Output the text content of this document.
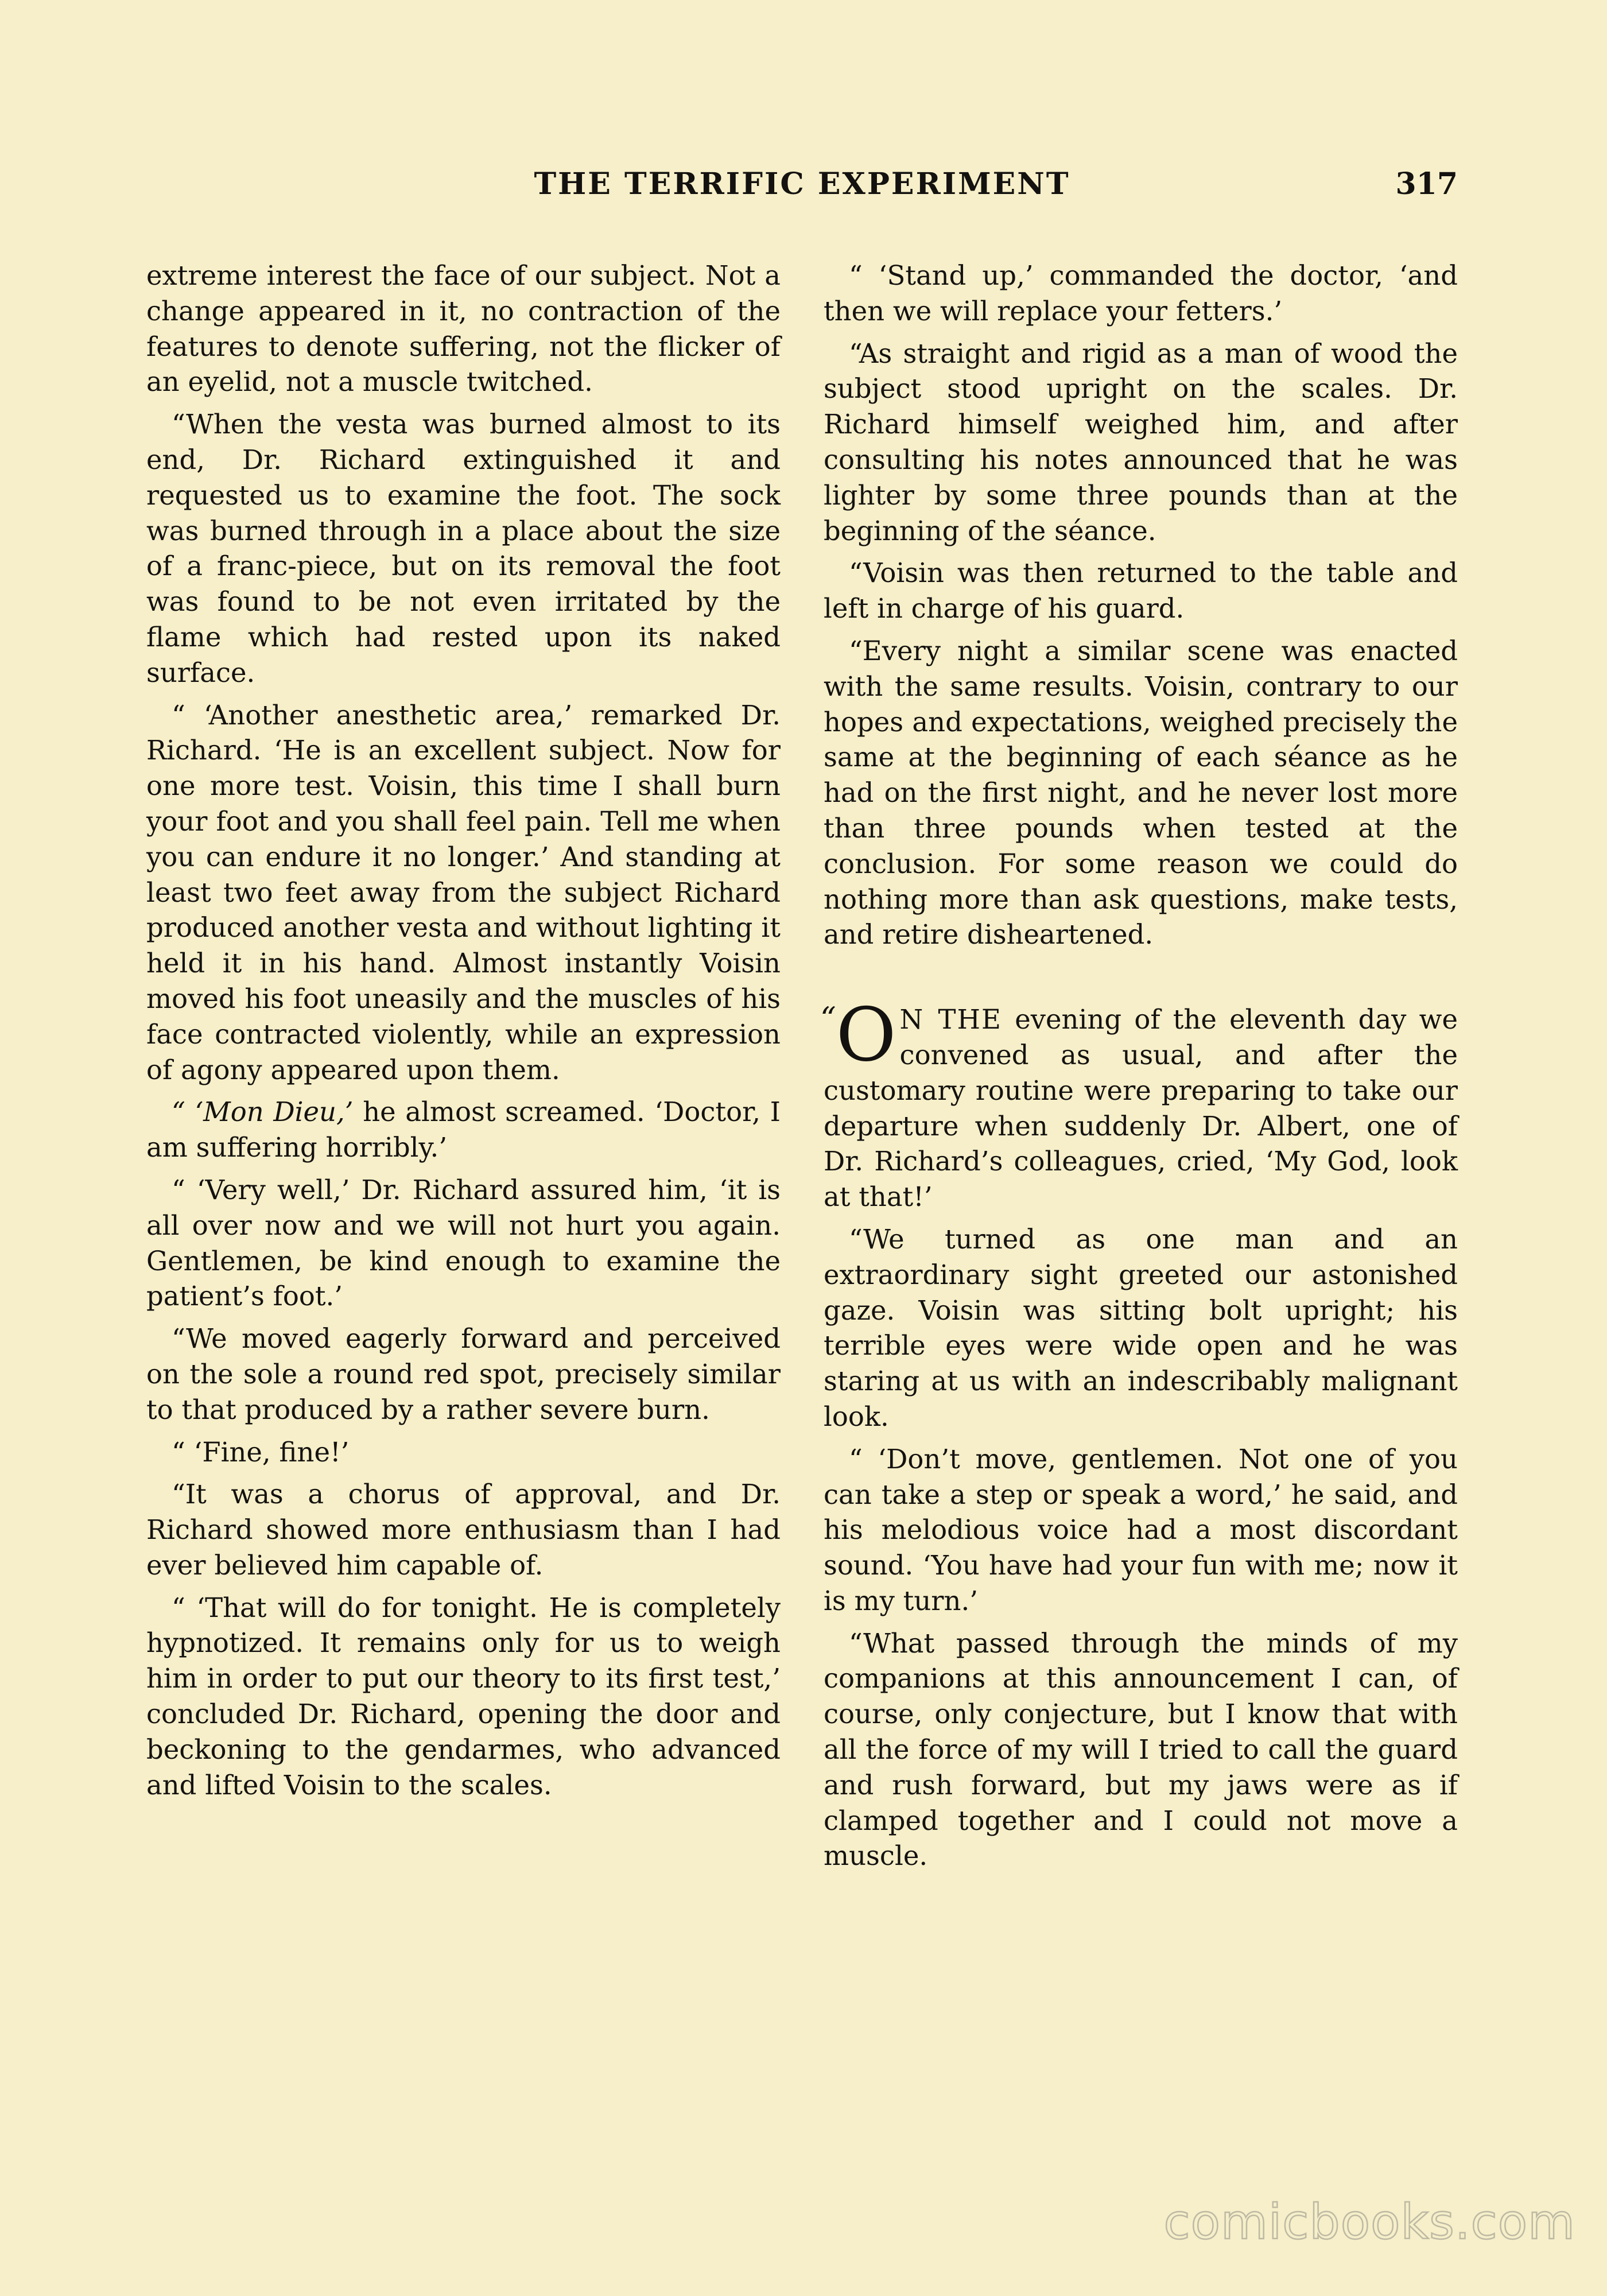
THE TERRIFIC EXPERIMENT	317

extreme interest the face of our subject. Not a change appeared in it, no contraction of the features to denote suffering, not the flicker of an eyelid, not a muscle twitched.

“When the vesta was burned almost to its end, Dr. Richard extinguished it and requested us to examine the foot. The sock was burned through in a place about the size of a franc-piece, but on its removal the foot was found to be not even irritated by the flame which had rested upon its naked surface.

“ ‘Another anesthetic area,’ remarked Dr. Richard. ‘He is an excellent subject. Now for one more test. Voisin, this time I shall burn your foot and you shall feel pain. Tell me when you can endure it no longer.’ And standing at least two feet away from the subject Richard produced another vesta and without lighting it held it in his hand. Almost instantly Voisin moved his foot uneasily and the muscles of his face contracted violently, while an expression of agony appeared upon them.

“ ‘Mon Dieu,’ he almost screamed. ‘Doctor, I am suffering horribly.’

“ ‘Very well,’ Dr. Richard assured him, ‘it is all over now and we will not hurt you again. Gentlemen, be kind enough to examine the patient’s foot.’

“We moved eagerly forward and perceived on the sole a round red spot, precisely similar to that produced by a rather severe burn.

“ ‘Fine, fine!’

“It was a chorus of approval, and Dr. Richard showed more enthusiasm than I had ever believed him capable of.

“ ‘That will do for tonight. He is completely hypnotized. It remains only for us to weigh him in order to put our theory to its first test,’ concluded Dr. Richard, opening the door and beckoning to the gendarmes, who advanced and lifted Voisin to the scales.

“ ‘Stand up,’ commanded the doctor, ‘and then we will replace your fetters.’

“As straight and rigid as a man of wood the subject stood upright on the scales. Dr. Richard himself weighed him, and after consulting his notes announced that he was lighter by some three pounds than at the beginning of the séance.

“Voisin was then returned to the table and left in charge of his guard.

“Every night a similar scene was enacted with the same results. Voisin, contrary to our hopes and expectations, weighed precisely the same at the beginning of each séance as he had on the first night, and he never lost more than three pounds when tested at the conclusion. For some reason we could do nothing more than ask questions, make tests, and retire disheartened.

“O N THE evening of the eleventh day we convened as usual, and after the customary routine were preparing to take our departure when suddenly Dr. Albert, one of Dr. Richard’s colleagues, cried, ‘My God, look at that!’

“We turned as one man and an extraordinary sight greeted our astonished gaze. Voisin was sitting bolt upright; his terrible eyes were wide open and he was staring at us with an indescribably malignant look.

“ ‘Don’t move, gentlemen. Not one of you can take a step or speak a word,’ he said, and his melodious voice had a most discordant sound. ‘You have had your fun with me; now it is my turn.’

“What passed through the minds of my companions at this announcement I can, of course, only conjecture, but I know that with all the force of my will I tried to call the guard and rush forward, but my jaws were as if clamped together and I could not move a muscle.

comicbooks.com
